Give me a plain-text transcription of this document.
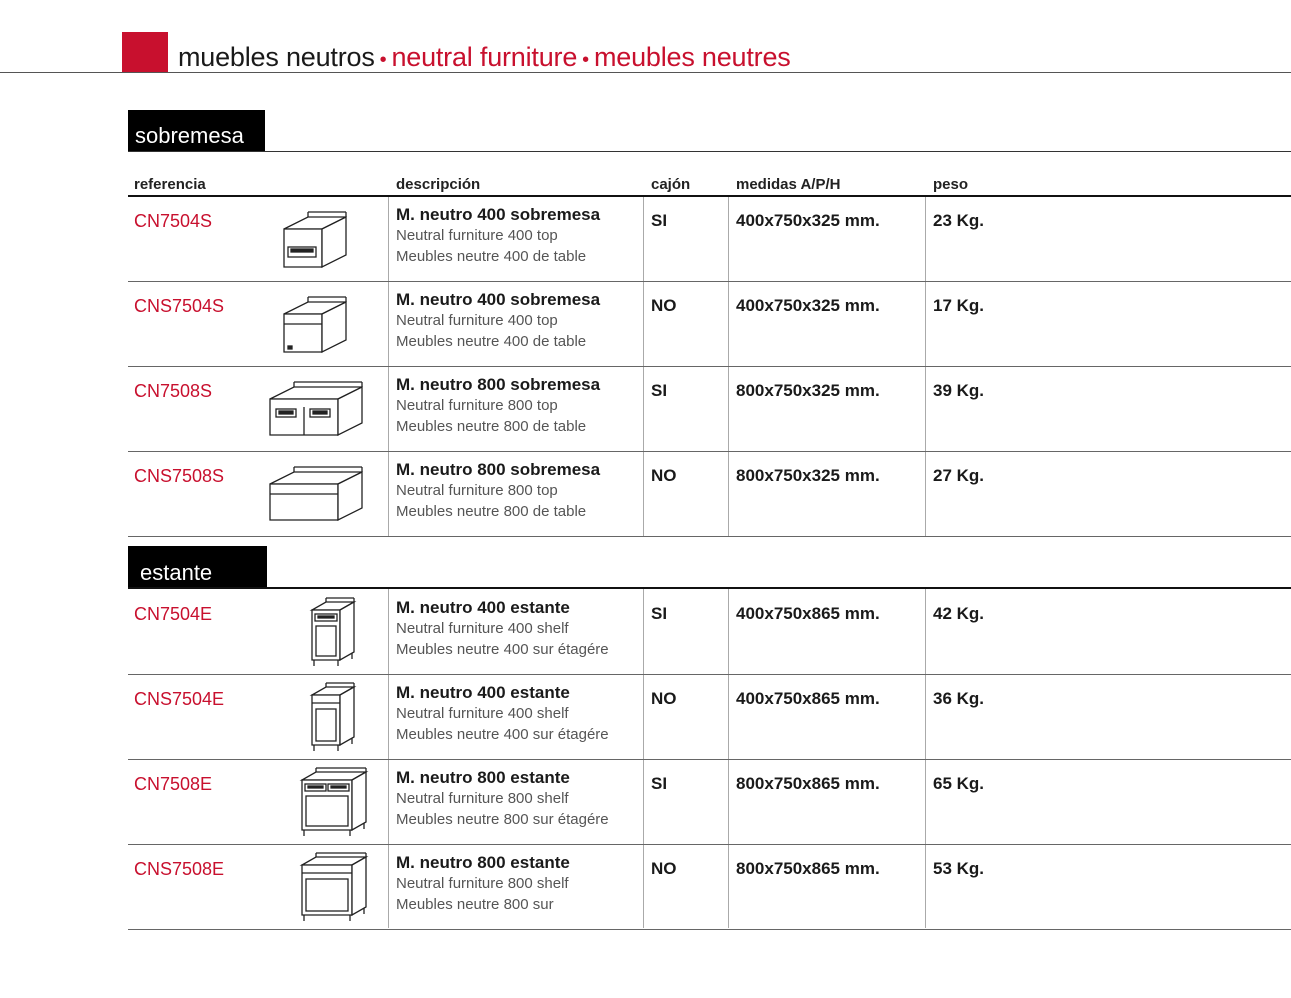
muebles neutros • neutral furniture • meubles neutres
sobremesa
referencia	descripción	cajón	medidas A/P/H	peso
CN7504S	M. neutro 400 sobremesa
Neutral furniture 400 top
Meubles neutre 400 de table
SI	400x750x325 mm.	23 Kg.
CNS7504S	M. neutro 400 sobremesa
Neutral furniture 400 top
Meubles neutre 400 de table
NO	400x750x325 mm.	17 Kg.
CN7508S	M. neutro 800 sobremesa
Neutral furniture 800 top
Meubles neutre 800 de table
SI	800x750x325 mm.	39 Kg.
CNS7508S	M. neutro 800 sobremesa
Neutral furniture 800 top
Meubles neutre 800 de table
NO	800x750x325 mm.	27 Kg.
estante
CN7504E	M. neutro 400 estante
Neutral furniture 400 shelf
Meubles neutre 400 sur étagére
SI	400x750x865 mm.	42 Kg.
CNS7504E	M. neutro 400 estante
Neutral furniture 400 shelf
Meubles neutre 400 sur étagére
NO	400x750x865 mm.	36 Kg.
CN7508E	M. neutro 800 estante
Neutral furniture 800 shelf
Meubles neutre 800 sur étagére
SI	800x750x865 mm.	65 Kg.
CNS7508E	M. neutro 800 estante
Neutral furniture 800 shelf
Meubles neutre 800 sur
NO	800x750x865 mm.	53 Kg.
